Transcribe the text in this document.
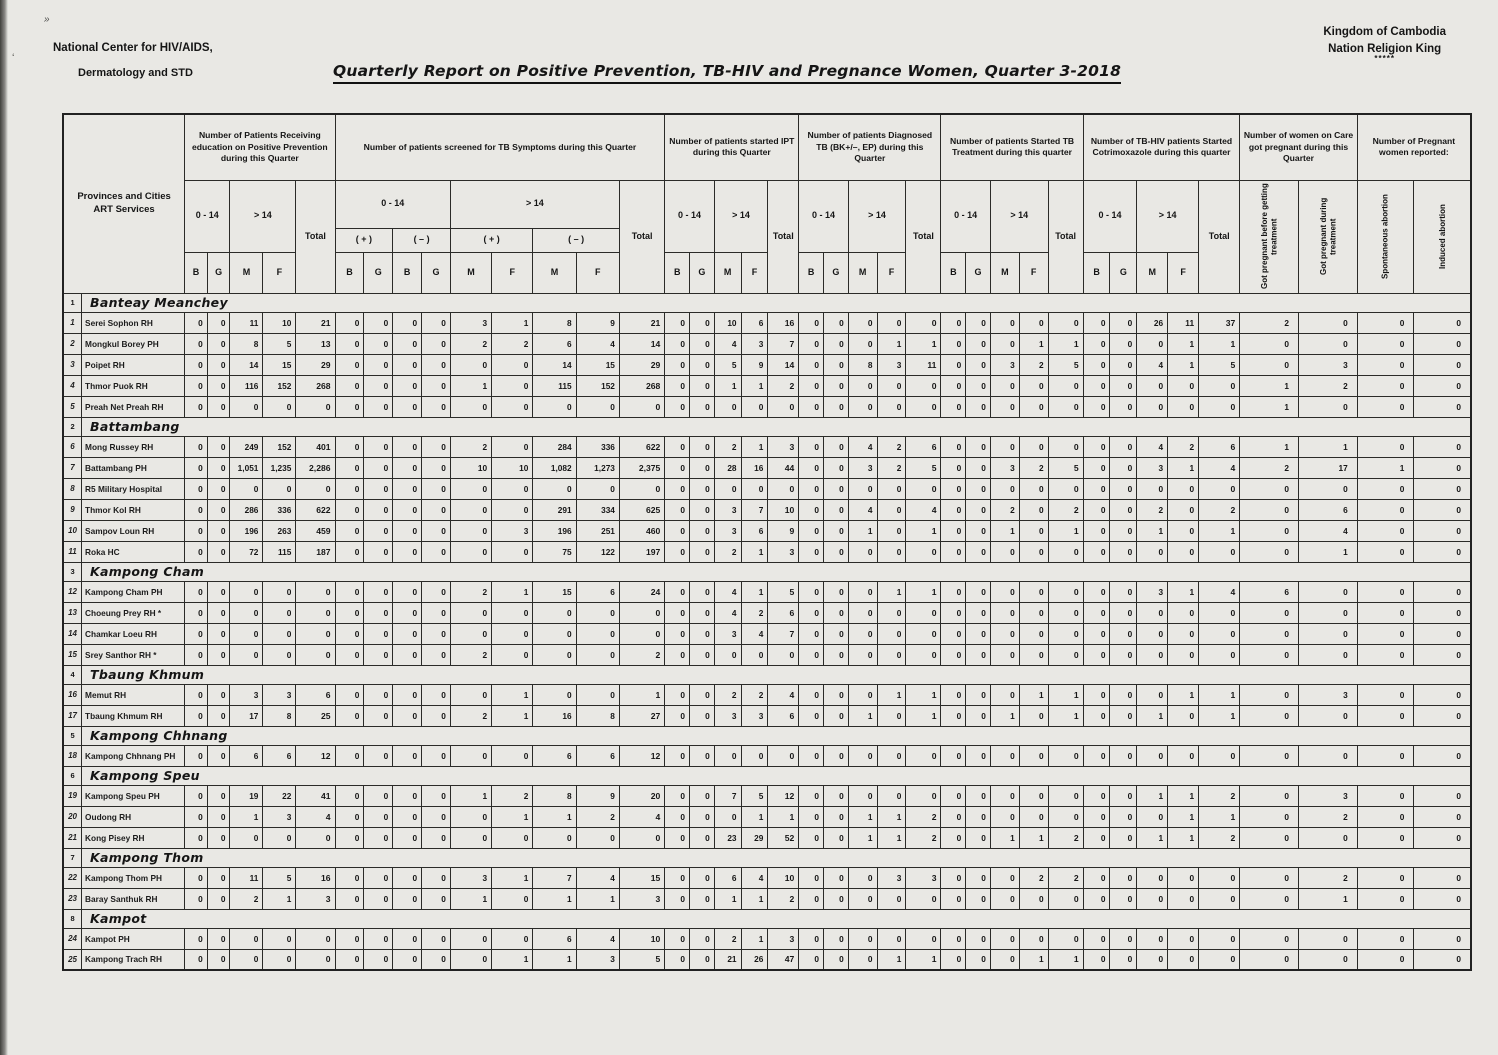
»
‘
National Center for HIV/AIDS,
Dermatology and STD
Kingdom of Cambodia
Nation Religion King
*****
Quarterly Report on Positive Prevention, TB-HIV and Pregnance Women, Quarter 3-2018
Provinces and Cities
ART Services		Number of Patients Receiving education on Positive Prevention during this Quarter					Number of patients screened for TB Symptoms during this Quarter									Number of patients started IPT during this Quarter					Number of patients Diagnosed TB (BK+/–, EP) during this Quarter					Number of patients Started TB Treatment during this quarter					Number of TB-HIV patients Started Cotrimoxazole during this quarter					Number of women on Care got pregnant during this Quarter		Number of Pregnant women reported:	
		0 - 14		> 14		Total	0 - 14				> 14				Total	0 - 14		> 14		Total	0 - 14		> 14		Total	0 - 14		> 14		Total	0 - 14		> 14		Total	Got pregnant before getting treatment	Got pregnant during treatment	Spontaneous abortion	Induced abortion
							( + )		( – )		( + )		( – )																										
		B	G	M	F		B	G	B	G	M	F	M	F		B	G	M	F		B	G	M	F		B	G	M	F		B	G	M	F					
1	Banteay Meanchey																																						
1	Serei Sophon RH	0	0	11	10	21	0	0	0	0	3	1	8	9	21	0	0	10	6	16	0	0	0	0	0	0	0	0	0	0	0	0	26	11	37	2	0	0	0
2	Mongkul Borey PH	0	0	8	5	13	0	0	0	0	2	2	6	4	14	0	0	4	3	7	0	0	0	1	1	0	0	0	1	1	0	0	0	1	1	0	0	0	0
3	Poipet RH	0	0	14	15	29	0	0	0	0	0	0	14	15	29	0	0	5	9	14	0	0	8	3	11	0	0	3	2	5	0	0	4	1	5	0	3	0	0
4	Thmor Puok RH	0	0	116	152	268	0	0	0	0	1	0	115	152	268	0	0	1	1	2	0	0	0	0	0	0	0	0	0	0	0	0	0	0	0	1	2	0	0
5	Preah Net Preah RH	0	0	0	0	0	0	0	0	0	0	0	0	0	0	0	0	0	0	0	0	0	0	0	0	0	0	0	0	0	0	0	0	0	0	1	0	0	0
2	Battambang																																						
6	Mong Russey RH	0	0	249	152	401	0	0	0	0	2	0	284	336	622	0	0	2	1	3	0	0	4	2	6	0	0	0	0	0	0	0	4	2	6	1	1	0	0
7	Battambang PH	0	0	1,051	1,235	2,286	0	0	0	0	10	10	1,082	1,273	2,375	0	0	28	16	44	0	0	3	2	5	0	0	3	2	5	0	0	3	1	4	2	17	1	0
8	R5 Military Hospital	0	0	0	0	0	0	0	0	0	0	0	0	0	0	0	0	0	0	0	0	0	0	0	0	0	0	0	0	0	0	0	0	0	0	0	0	0	0
9	Thmor Kol RH	0	0	286	336	622	0	0	0	0	0	0	291	334	625	0	0	3	7	10	0	0	4	0	4	0	0	2	0	2	0	0	2	0	2	0	6	0	0
10	Sampov Loun RH	0	0	196	263	459	0	0	0	0	0	3	196	251	460	0	0	3	6	9	0	0	1	0	1	0	0	1	0	1	0	0	1	0	1	0	4	0	0
11	Roka HC	0	0	72	115	187	0	0	0	0	0	0	75	122	197	0	0	2	1	3	0	0	0	0	0	0	0	0	0	0	0	0	0	0	0	0	1	0	0
3	Kampong Cham																																						
12	Kampong Cham PH	0	0	0	0	0	0	0	0	0	2	1	15	6	24	0	0	4	1	5	0	0	0	1	1	0	0	0	0	0	0	0	3	1	4	6	0	0	0
13	Choeung Prey RH *	0	0	0	0	0	0	0	0	0	0	0	0	0	0	0	0	4	2	6	0	0	0	0	0	0	0	0	0	0	0	0	0	0	0	0	0	0	0
14	Chamkar Loeu RH	0	0	0	0	0	0	0	0	0	0	0	0	0	0	0	0	3	4	7	0	0	0	0	0	0	0	0	0	0	0	0	0	0	0	0	0	0	0
15	Srey Santhor RH *	0	0	0	0	0	0	0	0	0	2	0	0	0	2	0	0	0	0	0	0	0	0	0	0	0	0	0	0	0	0	0	0	0	0	0	0	0	0
4	Tbaung Khmum																																						
16	Memut RH	0	0	3	3	6	0	0	0	0	0	1	0	0	1	0	0	2	2	4	0	0	0	1	1	0	0	0	1	1	0	0	0	1	1	0	3	0	0
17	Tbaung Khmum RH	0	0	17	8	25	0	0	0	0	2	1	16	8	27	0	0	3	3	6	0	0	1	0	1	0	0	1	0	1	0	0	1	0	1	0	0	0	0
5	Kampong Chhnang																																						
18	Kampong Chhnang PH	0	0	6	6	12	0	0	0	0	0	0	6	6	12	0	0	0	0	0	0	0	0	0	0	0	0	0	0	0	0	0	0	0	0	0	0	0	0
6	Kampong Speu																																						
19	Kampong Speu PH	0	0	19	22	41	0	0	0	0	1	2	8	9	20	0	0	7	5	12	0	0	0	0	0	0	0	0	0	0	0	0	1	1	2	0	3	0	0
20	Oudong RH	0	0	1	3	4	0	0	0	0	0	1	1	2	4	0	0	0	1	1	0	0	1	1	2	0	0	0	0	0	0	0	0	1	1	0	2	0	0
21	Kong Pisey RH	0	0	0	0	0	0	0	0	0	0	0	0	0	0	0	0	23	29	52	0	0	1	1	2	0	0	1	1	2	0	0	1	1	2	0	0	0	0
7	Kampong Thom																																						
22	Kampong Thom PH	0	0	11	5	16	0	0	0	0	3	1	7	4	15	0	0	6	4	10	0	0	0	3	3	0	0	0	2	2	0	0	0	0	0	0	2	0	0
23	Baray Santhuk RH	0	0	2	1	3	0	0	0	0	1	0	1	1	3	0	0	1	1	2	0	0	0	0	0	0	0	0	0	0	0	0	0	0	0	0	1	0	0
8	Kampot																																						
24	Kampot PH	0	0	0	0	0	0	0	0	0	0	0	6	4	10	0	0	2	1	3	0	0	0	0	0	0	0	0	0	0	0	0	0	0	0	0	0	0	0
25	Kampong Trach RH	0	0	0	0	0	0	0	0	0	0	1	1	3	5	0	0	21	26	47	0	0	0	1	1	0	0	0	1	1	0	0	0	0	0	0	0	0	0
